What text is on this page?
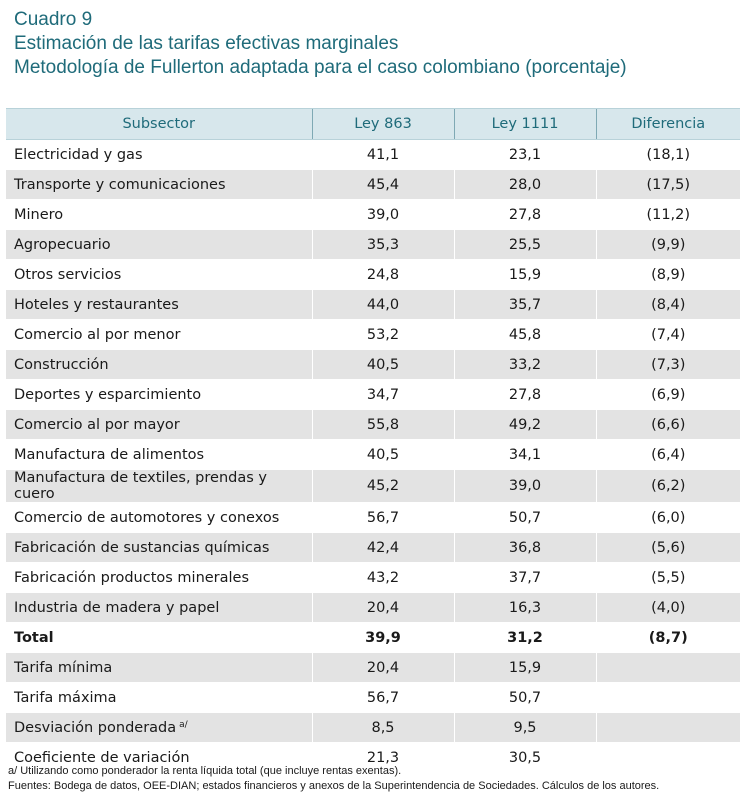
Cuadro 9
Estimación de las tarifas efectivas marginales
Metodología de Fullerton adaptada para el caso colombiano (porcentaje)
Subsector	Ley 863	Ley 1111	Diferencia
Electricidad y gas	41,1	23,1	(18,1)
Transporte y comunicaciones	45,4	28,0	(17,5)
Minero	39,0	27,8	(11,2)
Agropecuario	35,3	25,5	(9,9)
Otros servicios	24,8	15,9	(8,9)
Hoteles y restaurantes	44,0	35,7	(8,4)
Comercio al por menor	53,2	45,8	(7,4)
Construcción	40,5	33,2	(7,3)
Deportes y esparcimiento	34,7	27,8	(6,9)
Comercio al por mayor	55,8	49,2	(6,6)
Manufactura de alimentos	40,5	34,1	(6,4)
Manufactura de textiles, prendas y cuero	45,2	39,0	(6,2)
Comercio de automotores y conexos	56,7	50,7	(6,0)
Fabricación de sustancias químicas	42,4	36,8	(5,6)
Fabricación productos minerales	43,2	37,7	(5,5)
Industria de madera y papel	20,4	16,3	(4,0)
Total	39,9	31,2	(8,7)
Tarifa mínima	20,4	15,9	
Tarifa máxima	56,7	50,7	
Desviación ponderada $^{a/}$	8,5	9,5	
Coeficiente de variación	21,3	30,5	
a/ Utilizando como ponderador la renta líquida total (que incluye rentas exentas).
Fuentes: Bodega de datos, OEE-DIAN; estados financieros y anexos de la Superintendencia de Sociedades. Cálculos de los autores.
